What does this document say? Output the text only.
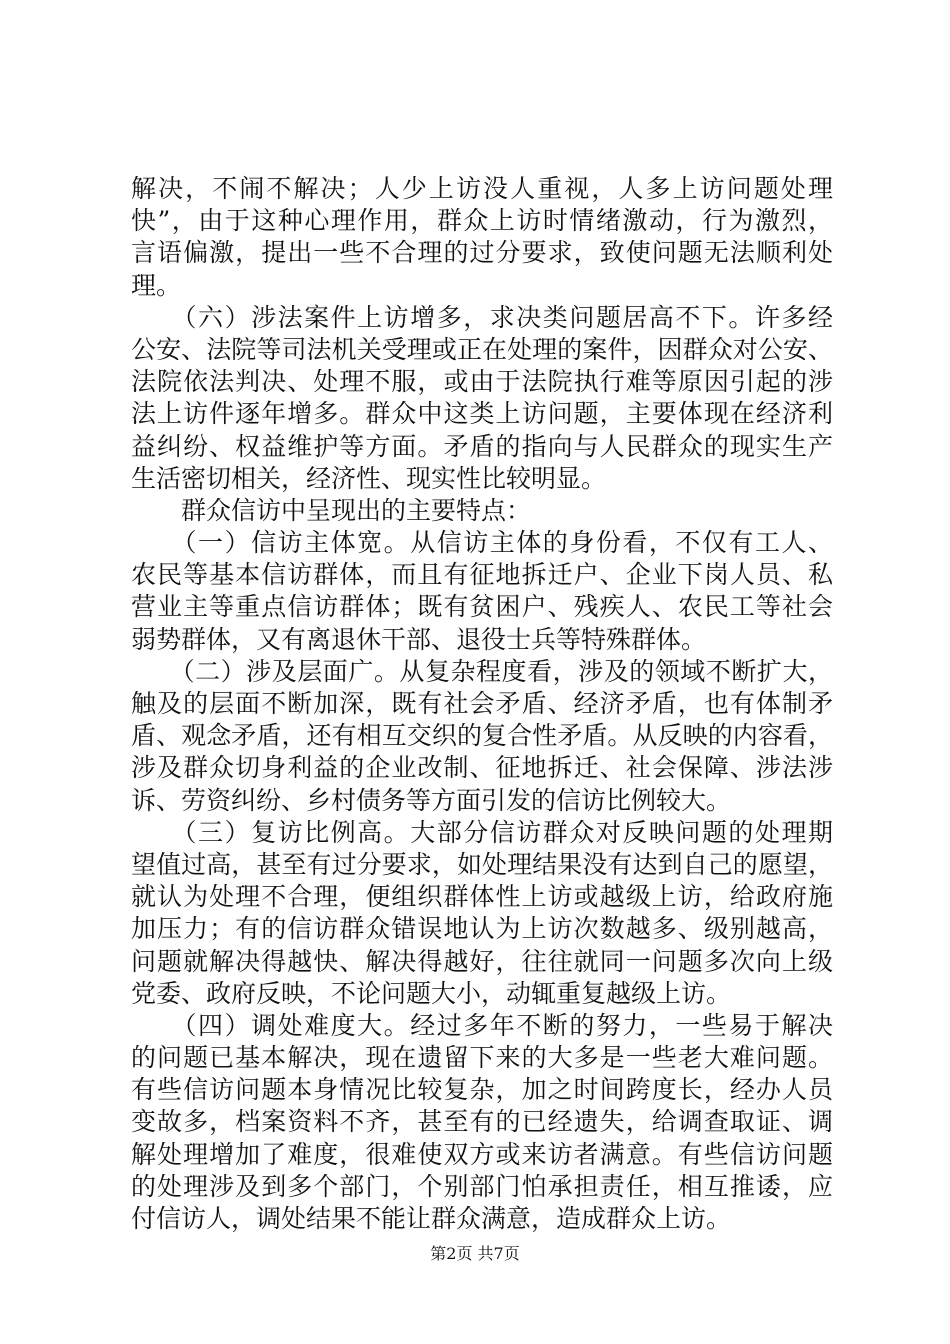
解决，不闹不解决；人少上访没人重视，人多上访问题处理
快”，由于这种心理作用，群众上访时情绪激动，行为激烈，
言语偏激，提出一些不合理的过分要求，致使问题无法顺利处
理。
　　（六）涉法案件上访增多，求决类问题居高不下。许多经
公安、法院等司法机关受理或正在处理的案件，因群众对公安、
法院依法判决、处理不服，或由于法院执行难等原因引起的涉
法上访件逐年增多。群众中这类上访问题，主要体现在经济利
益纠纷、权益维护等方面。矛盾的指向与人民群众的现实生产
生活密切相关，经济性、现实性比较明显。
　　群众信访中呈现出的主要特点：
　　（一）信访主体宽。从信访主体的身份看，不仅有工人、
农民等基本信访群体，而且有征地拆迁户、企业下岗人员、私
营业主等重点信访群体；既有贫困户、残疾人、农民工等社会
弱势群体，又有离退休干部、退役士兵等特殊群体。
　　（二）涉及层面广。从复杂程度看，涉及的领域不断扩大，
触及的层面不断加深，既有社会矛盾、经济矛盾，也有体制矛
盾、观念矛盾，还有相互交织的复合性矛盾。从反映的内容看，
涉及群众切身利益的企业改制、征地拆迁、社会保障、涉法涉
诉、劳资纠纷、乡村债务等方面引发的信访比例较大。
　　（三）复访比例高。大部分信访群众对反映问题的处理期
望值过高，甚至有过分要求，如处理结果没有达到自己的愿望，
就认为处理不合理，便组织群体性上访或越级上访，给政府施
加压力；有的信访群众错误地认为上访次数越多、级别越高，
问题就解决得越快、解决得越好，往往就同一问题多次向上级
党委、政府反映，不论问题大小，动辄重复越级上访。
　　（四）调处难度大。经过多年不断的努力，一些易于解决
的问题已基本解决，现在遗留下来的大多是一些老大难问题。
有些信访问题本身情况比较复杂，加之时间跨度长，经办人员
变故多，档案资料不齐，甚至有的已经遗失，给调查取证、调
解处理增加了难度，很难使双方或来访者满意。有些信访问题
的处理涉及到多个部门，个别部门怕承担责任，相互推诿，应
付信访人，调处结果不能让群众满意，造成群众上访。
第2页 共7页
